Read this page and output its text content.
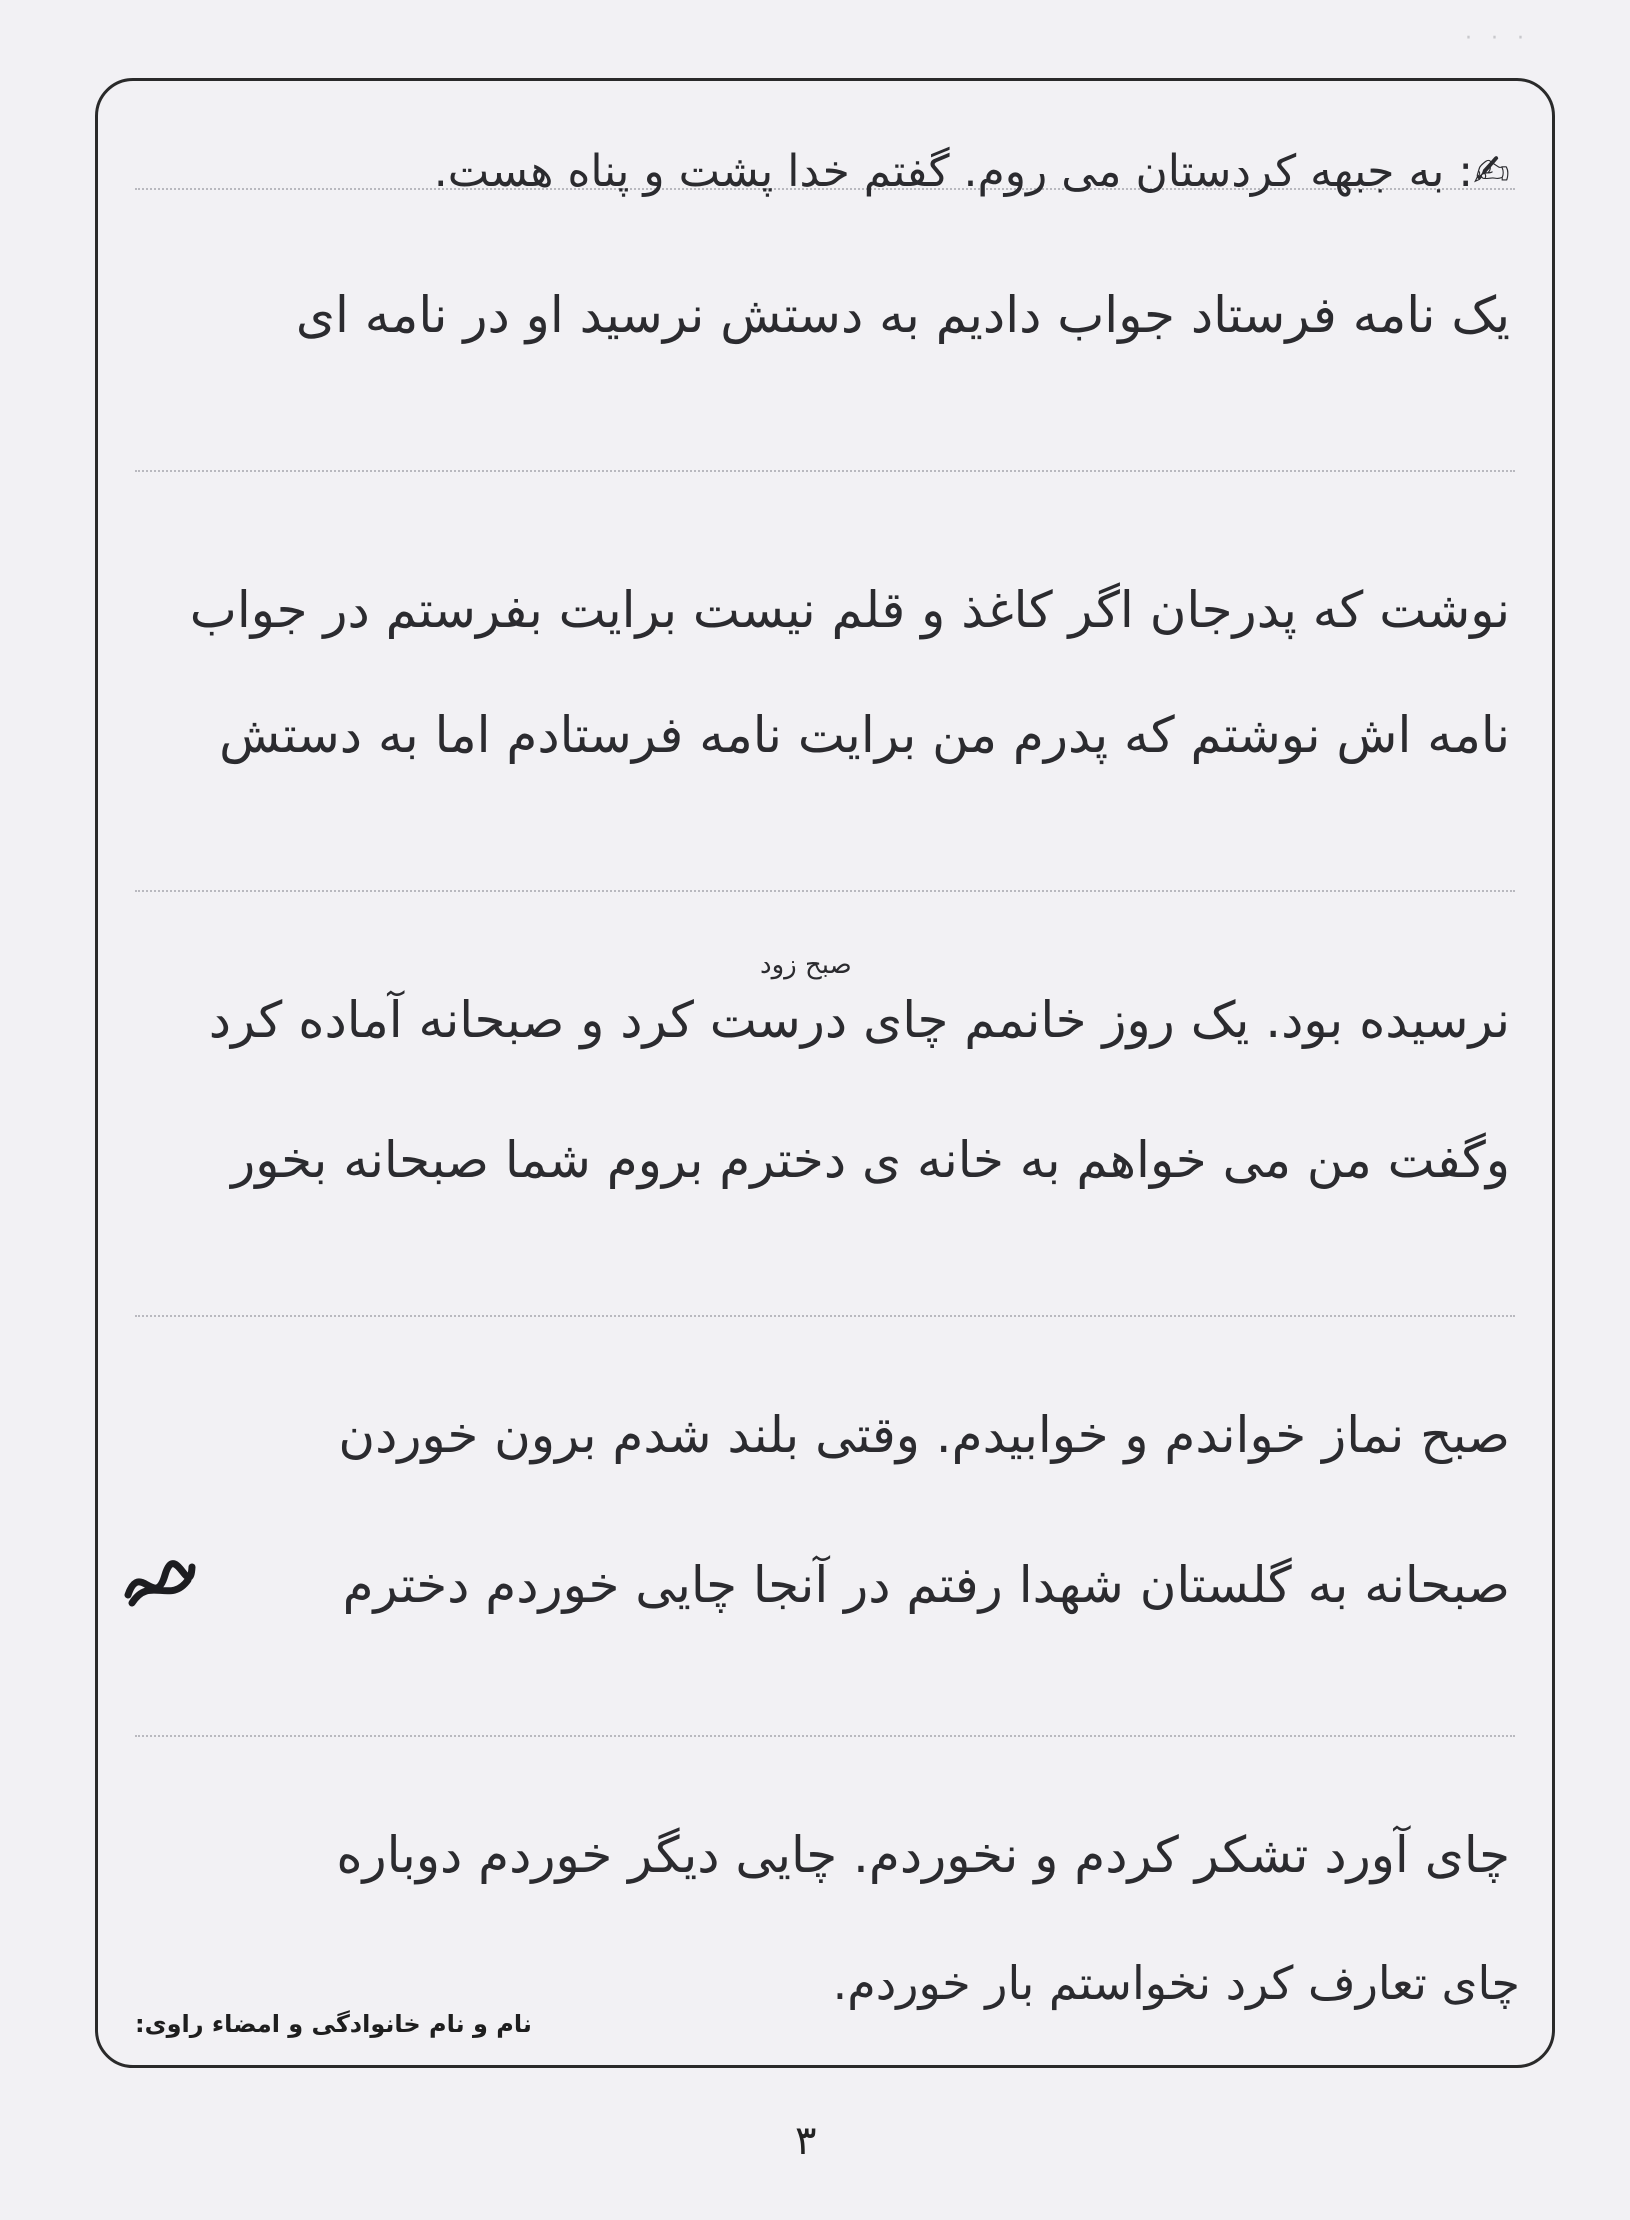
· · ·
✍: به جبهه کردستان می روم. گفتم خدا پشت و پناه هست.
یک نامه فرستاد جواب دادیم به دستش نرسید او در نامه ای
نوشت که پدرجان اگر کاغذ و قلم نیست برایت بفرستم در جواب
نامه اش نوشتم که پدرم من برایت نامه فرستادم اما به دستش
صبح زود
نرسیده بود. یک روز خانمم چای درست کرد و صبحانه آماده کرد
وگفت من می خواهم به خانه ی دخترم بروم شما صبحانه بخور
صبح نماز خواندم و خوابیدم. وقتی بلند شدم برون خوردن
صبحانه به گلستان شهدا رفتم در آنجا چایی خوردم دخترم
چای آورد تشکر کردم و نخوردم. چایی دیگر خوردم دوباره
چای تعارف کرد نخواستم بار خوردم.
نام و نام خانوادگی و امضاء راوی:
۳
